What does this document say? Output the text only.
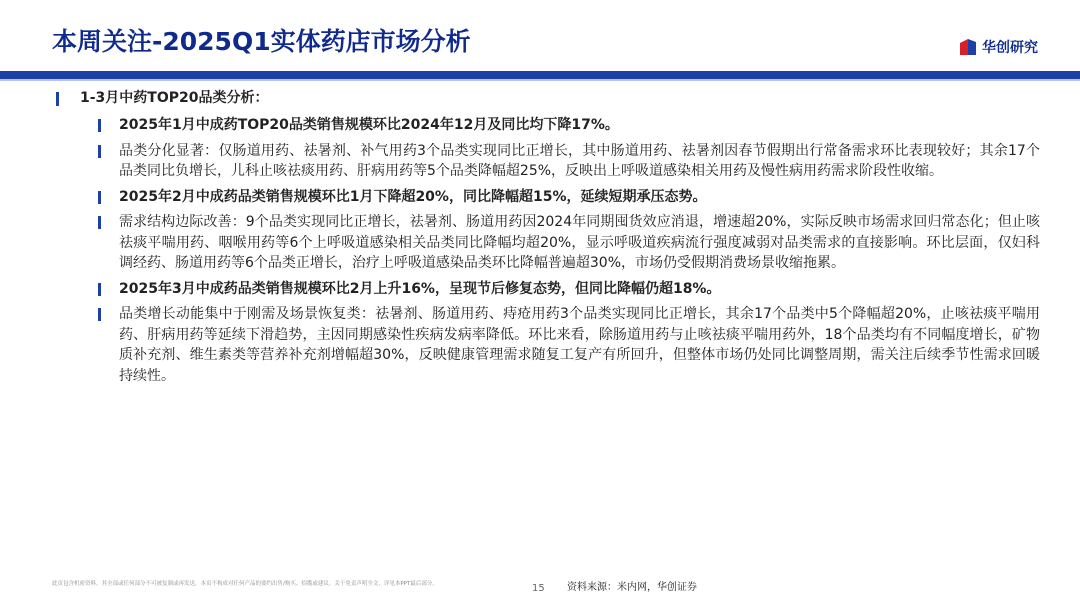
本周关注-2025Q1实体药店市场分析	华创研究
1-3月中药TOP20品类分析：
2025年1月中成药TOP20品类销售规模环比2024年12月及同比均下降17%。
品类分化显著：仅肠道用药、祛暑剂、补气用药3个品类实现同比正增长，其中肠道用药、祛暑剂因春节假期出行常备需求环比表现较好；其余17个品类同比负增长，儿科止咳祛痰用药、肝病用药等5个品类降幅超25%，反映出上呼吸道感染相关用药及慢性病用药需求阶段性收缩。
2025年2月中成药品类销售规模环比1月下降超20%，同比降幅超15%，延续短期承压态势。
需求结构边际改善：9个品类实现同比正增长，祛暑剂、肠道用药因2024年同期囤货效应消退，增速超20%，实际反映市场需求回归常态化；但止咳祛痰平喘用药、咽喉用药等6个上呼吸道感染相关品类同比降幅均超20%，显示呼吸道疾病流行强度减弱对品类需求的直接影响。环比层面，仅妇科调经药、肠道用药等6个品类正增长，治疗上呼吸道感染品类环比降幅普遍超30%，市场仍受假期消费场景收缩拖累。
2025年3月中成药品类销售规模环比2月上升16%，呈现节后修复态势，但同比降幅仍超18%。
品类增长动能集中于刚需及场景恢复类：祛暑剂、肠道用药、痔疮用药3个品类实现同比正增长，其余17个品类中5个降幅超20%，止咳祛痰平喘用药、肝病用药等延续下滑趋势，主因同期感染性疾病发病率降低。环比来看，除肠道用药与止咳祛痰平喘用药外，18个品类均有不同幅度增长，矿物质补充剂、维生素类等营养补充剂增幅超30%，反映健康管理需求随复工复产有所回升，但整体市场仍处同比调整周期，需关注后续季节性需求回暖持续性。
此页包含机密资料，其全部或任何部分不可被复制或再发送。本页不构成对任何产品的要约出售/购买、招揽或建议。关于免责声明全文，详见本PPT最后部分。	15 资料来源：米内网，华创证券
